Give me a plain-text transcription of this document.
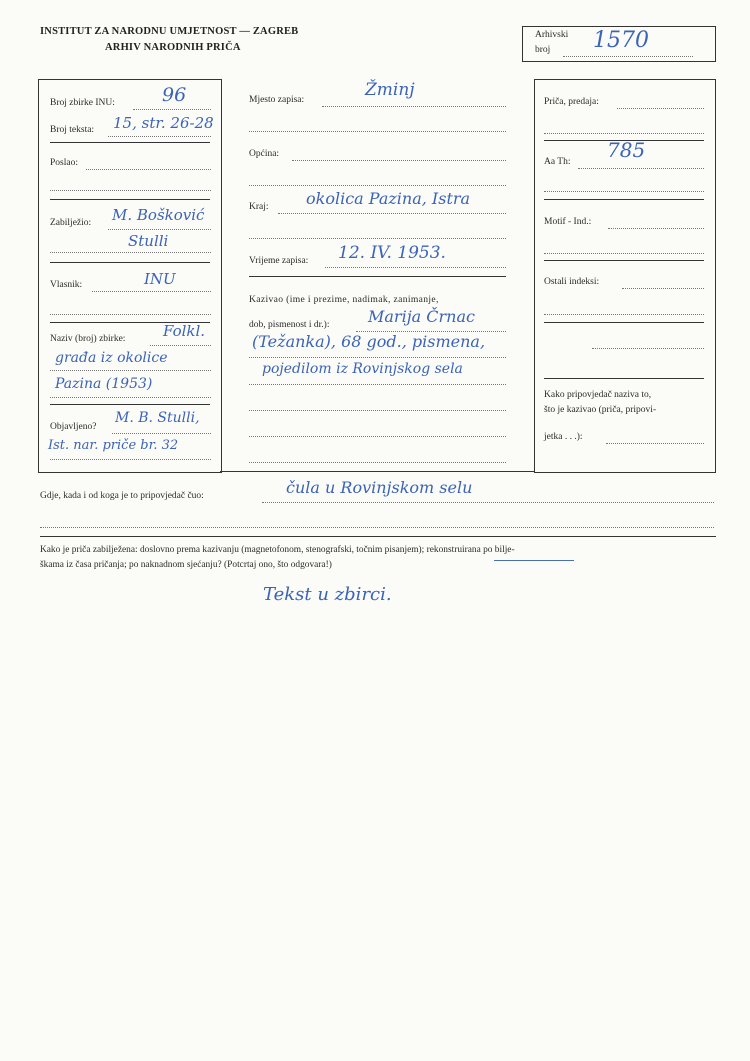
INSTITUT ZA NARODNU UMJETNOST — ZAGREB
ARHIV NARODNIH PRIČA
Arhivski
broj 1570
Broj zbirke INU: 96
Broj teksta: 15, str. 26-28
Poslao:
Zabilježio: M. Bošković
Stulli
Vlasnik:	INU
Naziv (broj) zbirke:	Folkl.
građa iz okolice
Pazina (1953)
Objavljeno?
M. B. Stulli,
Ist. nar. priče br. 32
Mjesto zapisa:	Žminj
Općina:
Kraj: okolica Pazina, Istra
Vrijeme zapisa: 12. IV. 1953.
Kazivao (ime i prezime, nadimak, zanimanje,
dob, pismenost i dr.): Marija Črnac
(Težanka), 68 god., pismena,
pojedilom iz Rovinjskog sela
Priča, predaja:
Aa Th: 785
Motif - Ind.:
Ostali indeksi:
Kako pripovjedač naziva to,
što je kazivao (priča, pripovi-
jetka . . .):
Gdje, kada i od koga je to pripovjedač čuo:	čula u Rovinjskom selu
Kako je priča zabilježena: doslovno prema kazivanju (magnetofonom, stenografski, točnim pisanjem); rekonstruirana po bilje-
škama iz časa pričanja; po naknadnom sjećanju? (Potcrtaj ono, što odgovara!)
Tekst u zbirci.
